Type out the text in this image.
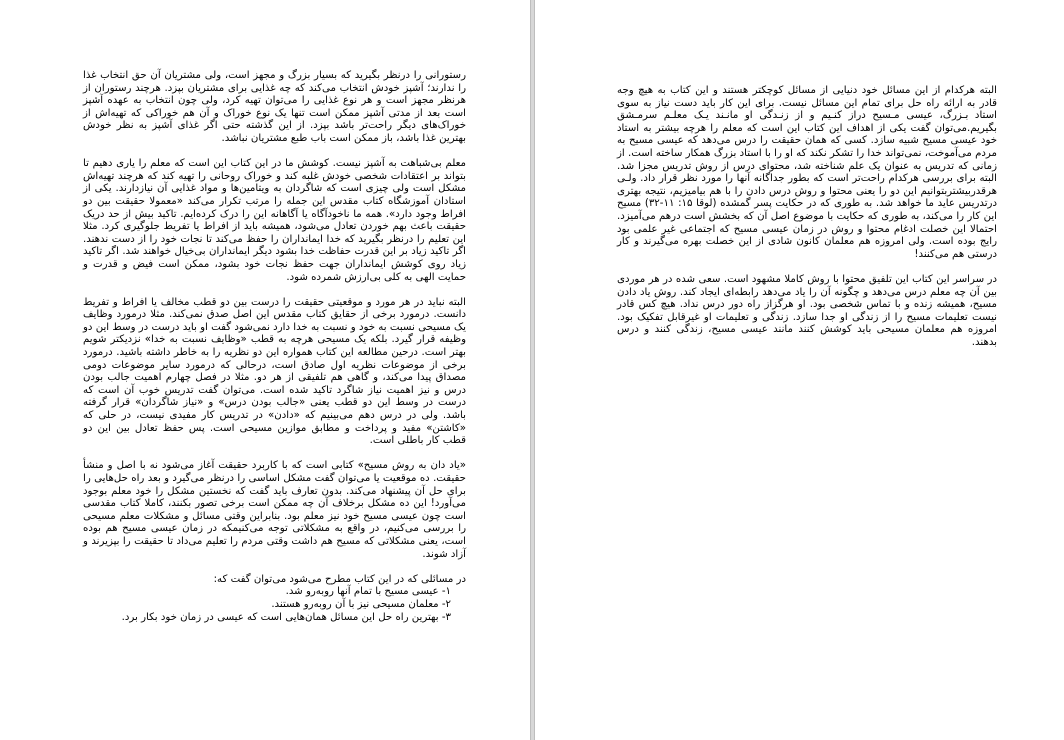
رستورانی را درنظر بگیرید که بسیار بزرگ و مجهز است، ولی مشتریان آن حق انتخاب غذا را ندارند؛ آشپز خودش انتخاب می‌کند که چه غذایی برای مشتریان بپزد. هرچند رستوران از هرنظر مجهز است و هر نوع غذایی را می‌توان تهیه کرد، ولی چون انتخاب به عهده آشپز است بعد از مدتی آشپز ممکن است تنها یک نوع خوراک و آن هم خوراکی که تهیه‌اش از خوراک‌های دیگر راحت‌تر باشد بپزد. از این گذشته حتی اگر غذای آشپز به نظر خودش بهترین غذا باشد، باز ممکن است باب طبع مشتریان نباشد.

معلم بی‌شباهت به آشپز نیست. کوشش ما در این کتاب این است که معلم را یاری دهیم تا بتواند بر اعتقادات شخصی خودش غلبه کند و خوراک روحانی را تهیه کند که هرچند تهیه‌اش مشکل است ولی چیزی است که شاگردان به ویتامین‌ها و مواد غذایی آن نیازدارند. یکی از استادان آموزشگاه کتاب مقدس این جمله را مرتب تکرار می‌کند «معمولا حقیقت بین دو افراط وجود دارد». همه ما ناخودآگاه یا آگاهانه این را درک کرده‌ایم. تاکید بیش از حد دریک حقیقت باعث بهم خوردن تعادل می‌شود، همیشه باید از افراط یا تفریط جلوگیری کرد. مثلا این تعلیم را درنظر بگیرید که خدا ایمانداران را حفظ می‌کند تا نجات خود را از دست ندهند. اگر تاکید زیاد بر این قدرت حفاظت خدا بشود دیگر ایمانداران بی‌خیال خواهند شد. اگر تاکید زیاد روی کوشش ایمانداران جهت حفظ نجات خود بشود، ممکن است فیض و قدرت و حمایت الهی به کلی بی‌ارزش شمرده شود.

البته نباید در هر مورد و موقعیتی حقیقت را درست بین دو قطب مخالف یا افراط و تفریط دانست. درمورد برخی از حقایق کتاب مقدس این اصل صدق نمی‌کند. مثلا درمورد وظایف یک مسیحی نسبت به خود و نسبت به خدا دارد نمی‌شود گفت او باید درست در وسط این دو وظیفه قرار گیرد. بلکه یک مسیحی هرچه به قطب «وظایف نسبت به خدا» نزدیکتر شویم بهتر است. درحین مطالعه این کتاب همواره این دو نظریه را به خاطر داشته باشید. درمورد برخی از موضوعات نظریه اول صادق است، درحالی که درمورد سایر موضوعات دومی مصداق پیدا می‌کند، و گاهی هم تلفیقی از هر دو. مثلا در فصل چهارم اهمیت جالب بودن درس و نیز اهمیت نیاز شاگرد تاکید شده است. می‌توان گفت تدریس خوب آن است که درست در وسط این دو قطب یعنی «جالب بودن درس» و «نیاز شاگردان» قرار گرفته باشد. ولی در درس دهم می‌بینیم که «دادن» در تدریس کار مفیدی نیست، در حلی که «کاشتن» مفید و پرداخت و مطابق موازین مسیحی است. پس حفظ تعادل بین این دو قطب کار باطلی است.

«یاد دان به روش مسیح» کتابی است که با کاربرد حقیقت آغاز می‌شود نه با اصل و منشأ حقیقت. ده موقعیت یا می‌توان گفت مشکل اساسی را درنظر می‌گیرد و بعد راه حل‌هایی را برای حل آن پیشنهاد می‌کند. بدون تعارف باید گفت که نخستین مشکل را خود معلم بوجود می‌آورد! این ده مشکل برخلاف آن چه ممکن است برخی تصور بکنند، کاملا کتاب مقدسی است چون عیسی مسیح خود نیز معلم بود. بنابراین وقتی مسائل و مشکلات معلم مسیحی را بررسی می‌کنیم، در واقع به مشکلاتی توجه می‌کنیمکه در زمان عیسی مسیح هم بوده است، یعنی مشکلاتی که مسیح هم داشت وقتی مردم را تعلیم می‌داد تا حقیقت را بپزیرند و آزاد شوند.

در مسائلی که در این کتاب مطرح می‌شود می‌توان گفت که:

۱- عیسی مسیح با تمام آنها روبه‌رو شد.
۲- معلمان مسیحی نیز با آن روبه‌رو هستند.
۳- بهترین راه حل این مسائل همان‌هایی است که عیسی در زمان خود بکار برد.

البته هرکدام از این مسائل خود دنیایی از مسائل کوچکتر هستند و این کتاب به هیچ وجه قادر به ارائه راه حل برای تمام این مسائل نیست. برای این کار باید دست نیاز به سوی استاد بـزرگ، عیسی مـسیح دراز کنـیم و از زنـدگی او مانـند یـک معلـم سرمـشق بگیریم.می‌توان گفت یکی از اهداف این کتاب این است که معلم را هرچه بیشتر به استاد خود عیسی مسیح شبیه سازد. کسی که همان حقیقت را درس می‌دهد که عیسی مسیح به مردم می‌آموخت، نمی‌تواند خدا را تشکر نکند که او را با استاد بزرگ همکار ساخته است. از زمانی که تدریس به عنوان یک علم شناخته شد، محتوای درس از روش تدریس مجزا شد. البته برای بررسی هرکدام راحت‌تر است که بطور جداگانه آنها را مورد نظر قرار داد. ولـی هرقدربیشتربتوانیم این دو را یعنی محتوا و روش درس دادن را با هم بیامیزیم، نتیجه بهتری درتدریس عاید ما خواهد شد. به طوری که در حکایت پسر گمشده (لوقا ۱۵: ۱۱-۳۲) مسیح این کار را می‌کند، به طوری که حکایت با موضوع اصل آن که بخشش است درهم می‌آمیزد. احتمالا این خصلت ادغام محتوا و روش در زمان عیسی مسیح که اجتماعی غیر علمی بود رایج بوده است. ولی امروزه هم معلمان کانون شادی از این خصلت بهره می‌گیرند و کار درستی هم می‌کنند!

در سراسر این کتاب این تلفیق محتوا با روش کاملا مشهود است. سعی شده در هر موردی بین آن چه معلم درس می‌دهد و چگونه آن را یاد می‌دهد رابطه‌ای ایجاد کند. روش یاد دادن مسیح، همیشه زنده و با تماس شخصی بود. او هرگزاز راه دور درس نداد. هیچ کس قادر نیست تعلیمات مسیح را از زندگی او جدا سازد. زندگی و تعلیمات او غیرقابل تفکیک بود. امروزه هم معلمان مسیحی باید کوشش کنند مانند عیسی مسیح، زندگی کنند و درس بدهند.
